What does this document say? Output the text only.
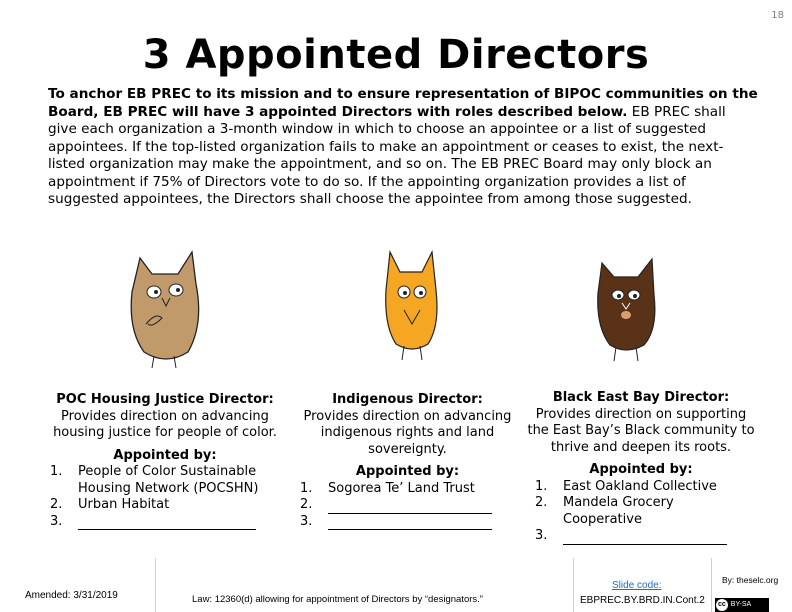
18
3 Appointed Directors

To anchor EB PREC to its mission and to ensure representation of BIPOC communities on the Board, EB PREC will have 3 appointed Directors with roles described below. EB PREC shall give each organization a 3-month window in which to choose an appointee or a list of suggested appointees. If the top-listed organization fails to make an appointment or ceases to exist, the next-listed organization may make the appointment, and so on. The EB PREC Board may only block an appointment if 75% of Directors vote to do so. If the appointing organization provides a list of suggested appointees, the Directors shall choose the appointee from among those suggested.

POC Housing Justice Director:
Provides direction on advancing housing justice for people of color.
Appointed by:
1. People of Color Sustainable
Housing Network (POCSHN)
2. Urban Habitat
3.
Indigenous Director:
Provides direction on advancing indigenous rights and land sovereignty.
Appointed by:
1. Sogorea Te’ Land Trust
2.
3.
Black East Bay Director:
Provides direction on supporting the East Bay’s Black community to thrive and deepen its roots.
Appointed by:
1. East Oakland Collective
2. Mandela Grocery Cooperative
3.
Amended: 3/31/2019	Law: 12360(d) allowing for appointment of Directors by “designators.”
Slide code:
EBPREC.BY.BRD.IN.Cont.2
By: theselc.org
cc BY-SA
